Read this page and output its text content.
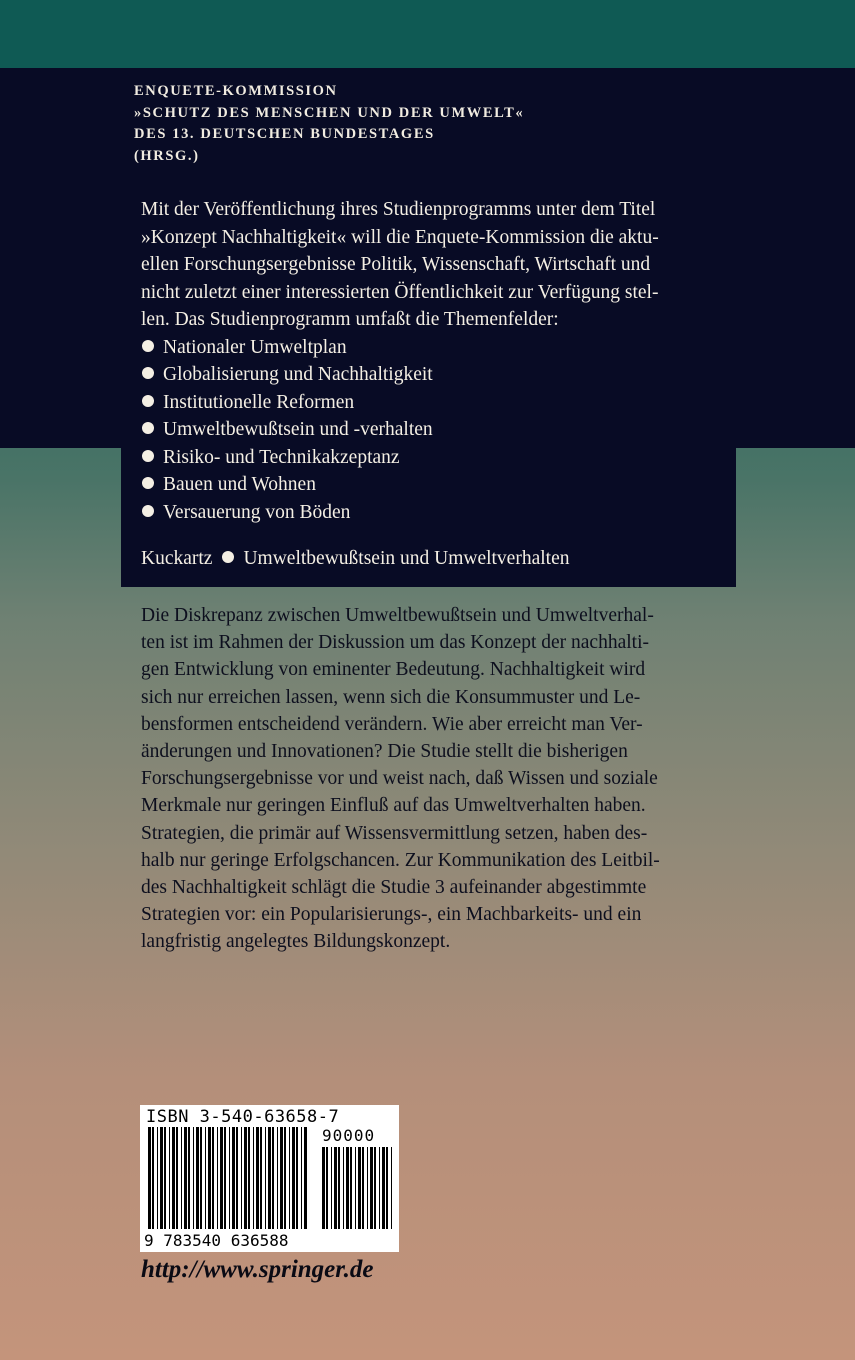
ENQUETE-KOMMISSION
»SCHUTZ DES MENSCHEN UND DER UMWELT«
DES 13. DEUTSCHEN BUNDESTAGES
(HRSG.)

Mit der Veröffentlichung ihres Studienprogramms unter dem Titel

»Konzept Nachhaltigkeit« will die Enquete-Kommission die aktu-

ellen Forschungsergebnisse Politik, Wissenschaft, Wirtschaft und

nicht zuletzt einer interessierten Öffentlichkeit zur Verfügung stel-

len. Das Studienprogramm umfaßt die Themenfelder:

Nationaler Umweltplan
Globalisierung und Nachhaltigkeit
Institutionelle Reformen
Umweltbewußtsein und -verhalten
Risiko- und Technikakzeptanz
Bauen und Wohnen
Versauerung von Böden
Kuckartz Umweltbewußtsein und Umweltverhalten

Die Diskrepanz zwischen Umweltbewußtsein und Umweltverhal-

ten ist im Rahmen der Diskussion um das Konzept der nachhalti-

gen Entwicklung von eminenter Bedeutung. Nachhaltigkeit wird

sich nur erreichen lassen, wenn sich die Konsummuster und Le-

bensformen entscheidend verändern. Wie aber erreicht man Ver-

änderungen und Innovationen? Die Studie stellt die bisherigen

Forschungsergebnisse vor und weist nach, daß Wissen und soziale

Merkmale nur geringen Einfluß auf das Umweltverhalten haben.

Strategien, die primär auf Wissensvermittlung setzen, haben des-

halb nur geringe Erfolgschancen. Zur Kommunikation des Leitbil-

des Nachhaltigkeit schlägt die Studie 3 aufeinander abgestimmte

Strategien vor: ein Popularisierungs-, ein Machbarkeits- und ein

langfristig angelegtes Bildungskonzept.

ISBN 3-540-63658-7
90000
9 783540 636588
http://www.springer.de
